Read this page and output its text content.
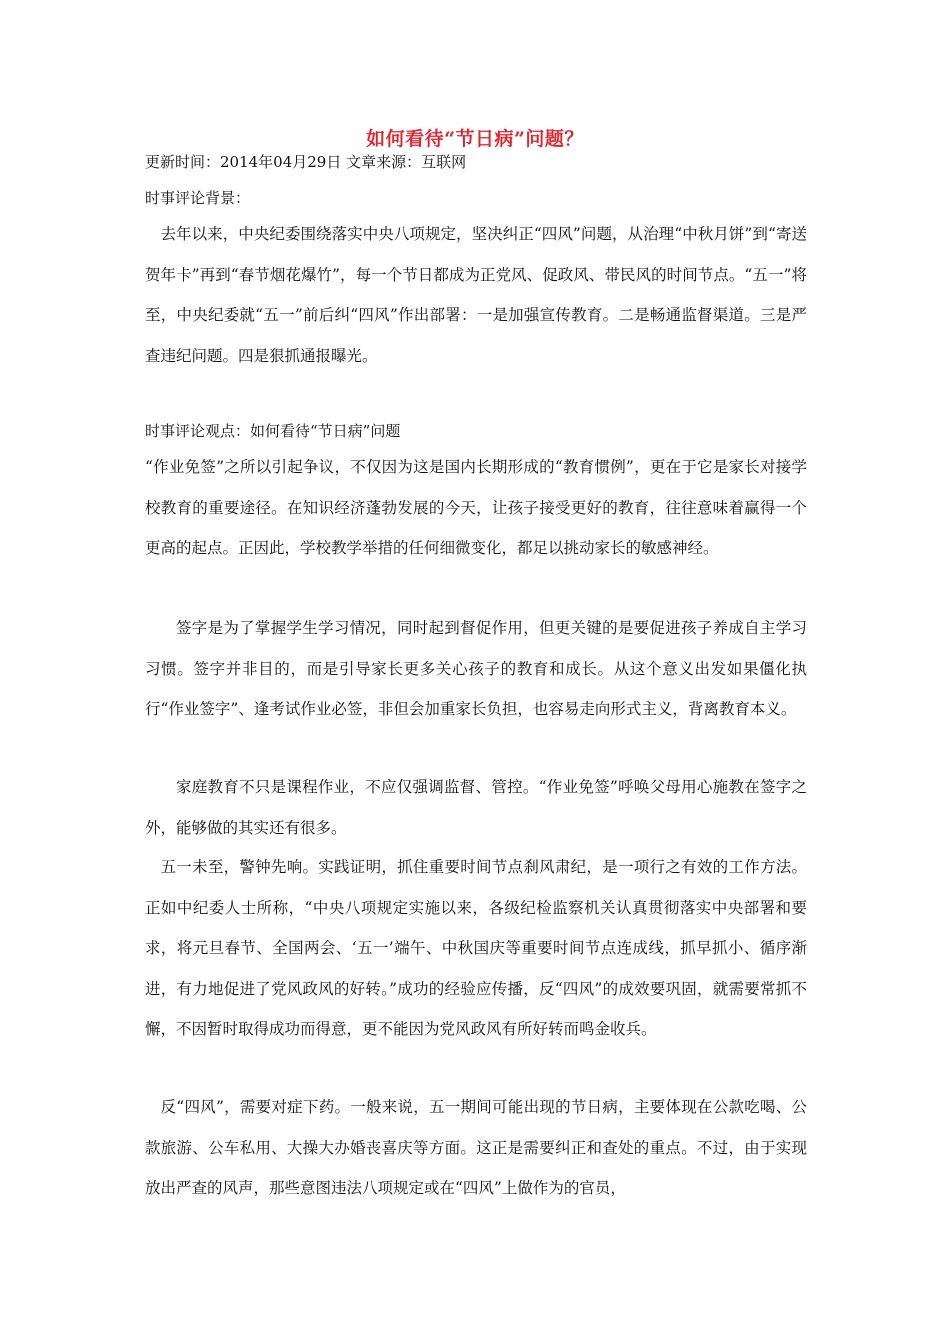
如何看待“节日病”问题？

更新时间：2014年04月29日 文章来源：互联网

时事评论背景：

去年以来，中央纪委围绕落实中央八项规定，坚决纠正“四风”问题，从治理“中秋月饼”到“寄送贺年卡”再到“春节烟花爆竹”，每一个节日都成为正党风、促政风、带民风的时间节点。“五一”将至，中央纪委就“五一”前后纠“四风”作出部署：一是加强宣传教育。二是畅通监督渠道。三是严查违纪问题。四是狠抓通报曝光。

时事评论观点：如何看待“节日病”问题

“作业免签”之所以引起争议，不仅因为这是国内长期形成的“教育惯例”，更在于它是家长对接学校教育的重要途径。在知识经济蓬勃发展的今天，让孩子接受更好的教育，往往意味着赢得一个更高的起点。正因此，学校教学举措的任何细微变化，都足以挑动家长的敏感神经。

签字是为了掌握学生学习情况，同时起到督促作用，但更关键的是要促进孩子养成自主学习习惯。签字并非目的，而是引导家长更多关心孩子的教育和成长。从这个意义出发如果僵化执行“作业签字”、逢考试作业必签，非但会加重家长负担，也容易走向形式主义，背离教育本义。

家庭教育不只是课程作业，不应仅强调监督、管控。“作业免签”呼唤父母用心施教在签字之外，能够做的其实还有很多。

五一未至，警钟先响。实践证明，抓住重要时间节点刹风肃纪，是一项行之有效的工作方法。正如中纪委人士所称，“中央八项规定实施以来，各级纪检监察机关认真贯彻落实中央部署和要求，将元旦春节、全国两会、‘五一’端午、中秋国庆等重要时间节点连成线，抓早抓小、循序渐进，有力地促进了党风政风的好转。”成功的经验应传播，反“四风”的成效要巩固，就需要常抓不懈，不因暂时取得成功而得意，更不能因为党风政风有所好转而鸣金收兵。

反“四风”，需要对症下药。一般来说，五一期间可能出现的节日病，主要体现在公款吃喝、公款旅游、公车私用、大操大办婚丧喜庆等方面。这正是需要纠正和查处的重点。不过，由于实现放出严查的风声，那些意图违法八项规定或在“四风”上做作为的官员，
